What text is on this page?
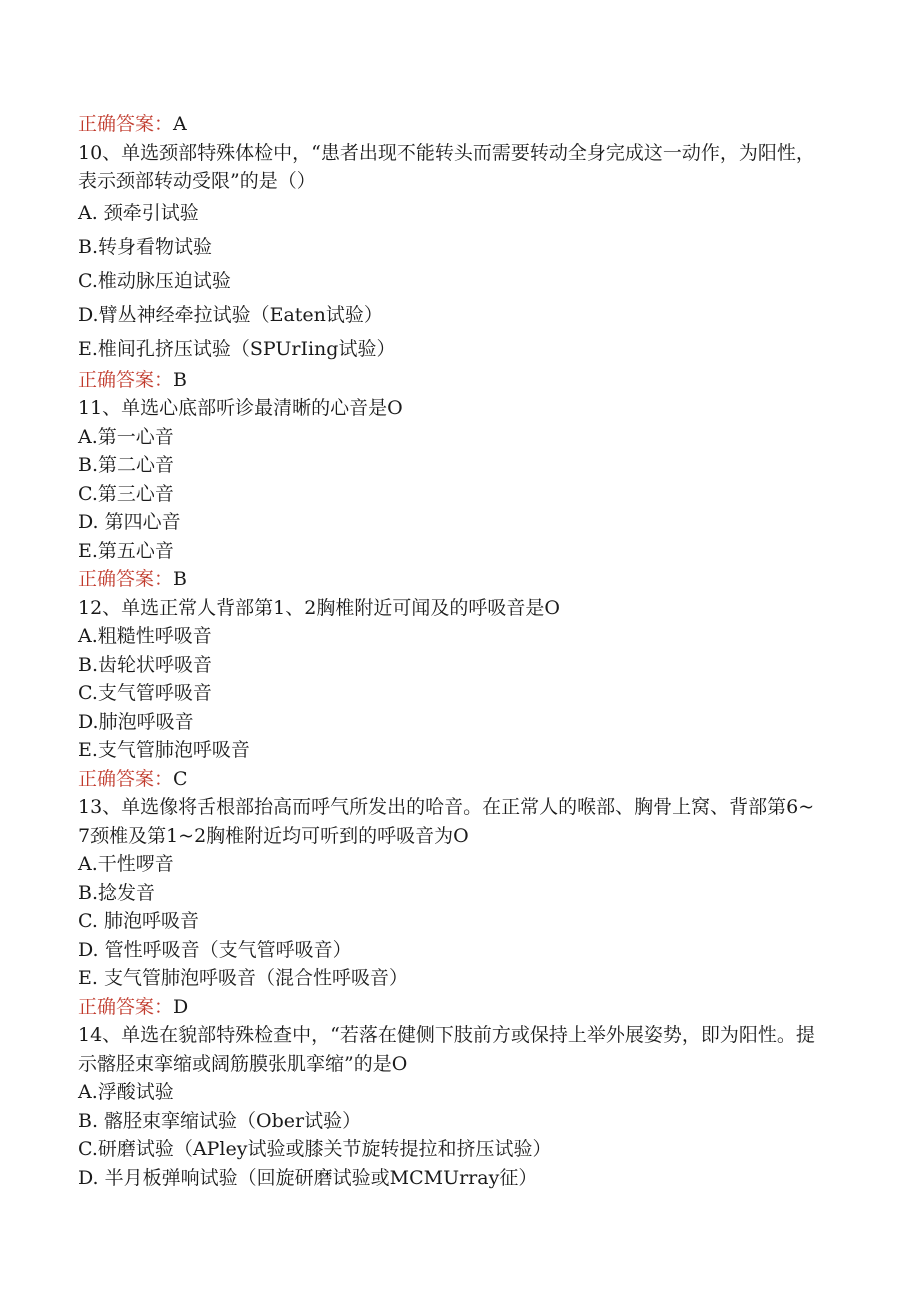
正确答案：A
10、单选颈部特殊体检中，“患者出现不能转头而需要转动全身完成这一动作，为阳性，表示颈部转动受限”的是（）
A. 颈牵引试验
B.转身看物试验
C.椎动脉压迫试验
D.臂丛神经牵拉试验（Eaten试验）
E.椎间孔挤压试验（SPUrIing试验）
正确答案：B
11、单选心底部听诊最清晰的心音是O
A.第一心音
B.第二心音
C.第三心音
D. 第四心音
E.第五心音
正确答案：B
12、单选正常人背部第1、2胸椎附近可闻及的呼吸音是O
A.粗糙性呼吸音
B.齿轮状呼吸音
C.支气管呼吸音
D.肺泡呼吸音
E.支气管肺泡呼吸音
正确答案：C
13、单选像将舌根部抬高而呼气所发出的哈音。在正常人的喉部、胸骨上窝、背部第6~7颈椎及第1~2胸椎附近均可听到的呼吸音为O
A.干性啰音
B.捻发音
C. 肺泡呼吸音
D. 管性呼吸音（支气管呼吸音）
E. 支气管肺泡呼吸音（混合性呼吸音）
正确答案：D
14、单选在貌部特殊检查中，“若落在健侧下肢前方或保持上举外展姿势，即为阳性。提示髂胫束挛缩或阔筋膜张肌挛缩”的是O
A.浮酸试验
B. 髂胫束挛缩试验（Ober试验）
C.研磨试验（APley试验或膝关节旋转提拉和挤压试验）
D. 半月板弹响试验（回旋研磨试验或MCMUrray征）
